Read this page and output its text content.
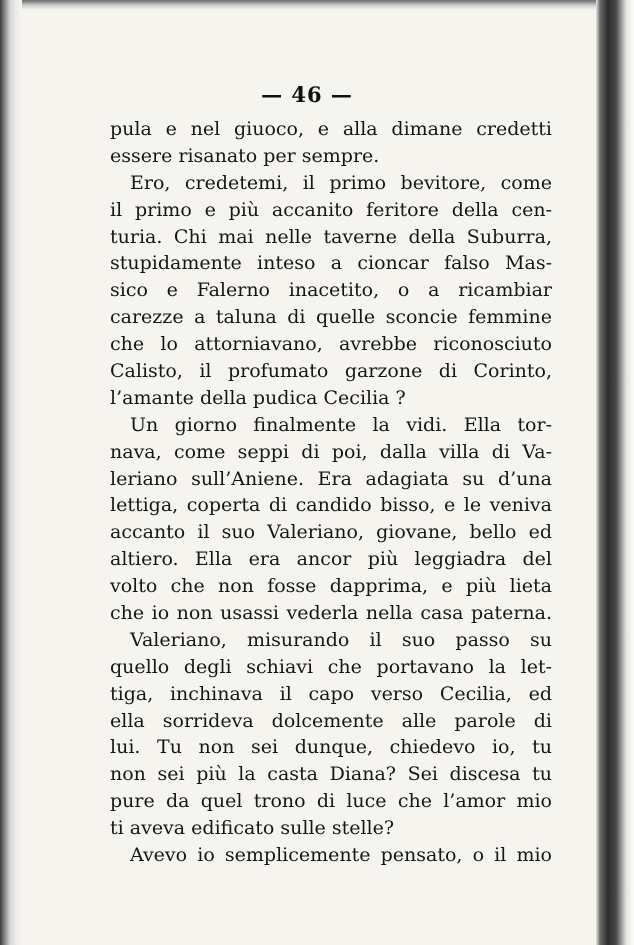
— 46 —
pula e nel giuoco, e alla dimane credetti
essere risanato per sempre.
Ero, credetemi, il primo bevitore, come
il primo e più accanito feritore della cen-
turia. Chi mai nelle taverne della Suburra,
stupidamente inteso a cioncar falso Mas-
sico e Falerno inacetito, o a ricambiar
carezze a taluna di quelle sconcie femmine
che lo attorniavano, avrebbe riconosciuto
Calisto, il profumato garzone di Corinto,
l’amante della pudica Cecilia ?
Un giorno finalmente la vidi. Ella tor-
nava, come seppi di poi, dalla villa di Va-
leriano sull’Aniene. Era adagiata su d’una
lettiga, coperta di candido bisso, e le veniva
accanto il suo Valeriano, giovane, bello ed
altiero. Ella era ancor più leggiadra del
volto che non fosse dapprima, e più lieta
che io non usassi vederla nella casa paterna.
Valeriano, misurando il suo passo su
quello degli schiavi che portavano la let-
tiga, inchinava il capo verso Cecilia, ed
ella sorrideva dolcemente alle parole di
lui. Tu non sei dunque, chiedevo io, tu
non sei più la casta Diana? Sei discesa tu
pure da quel trono di luce che l’amor mio
ti aveva edificato sulle stelle?
Avevo io semplicemente pensato, o il mio
